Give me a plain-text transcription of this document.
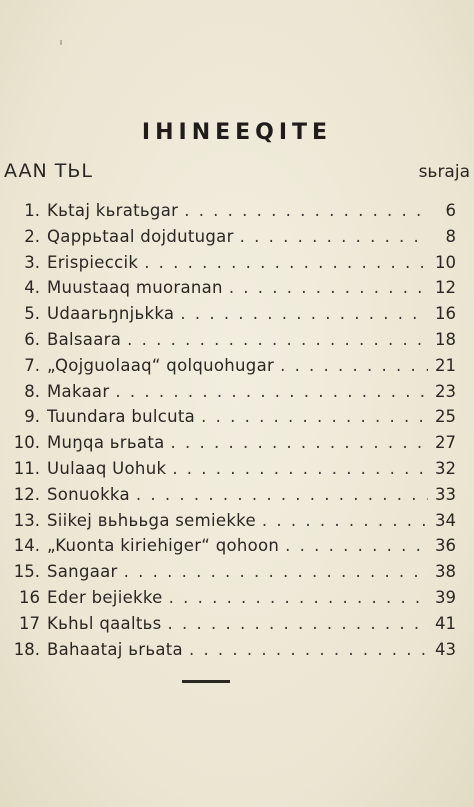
IHINEEQITE
AAN TЬL	sьraja
1. Kьtaj kьratьgar . . .	6
2. Qappьtaal dojdutugar . . .	8
3. Erispieccik . . .	10
4. Muustaaq muoranan . . .	12
5. Udaarьŋnjьkka . . .	16
6. Balsaara . . .	18
7. „Qojguolaaq“ qolquohugar . . .	21
8. Makaar . . .	23
9. Tuundara bulcuta . . .	25
10. Muŋqa ьrьata . . .	27
11. Uulaaq Uohuk . . .	32
12. Sonuokka . . .	33
13. Siikej вьhььga semiekke . . .	34
14. „Kuonta kiriehiger“ qohoon . . .	36
15. Sangaar . . .	38
16 Eder bejiekke . . .	39
17 Kьhьl qaaltьs . . .	41
18. Bahaataj ьrьata . . .	43
